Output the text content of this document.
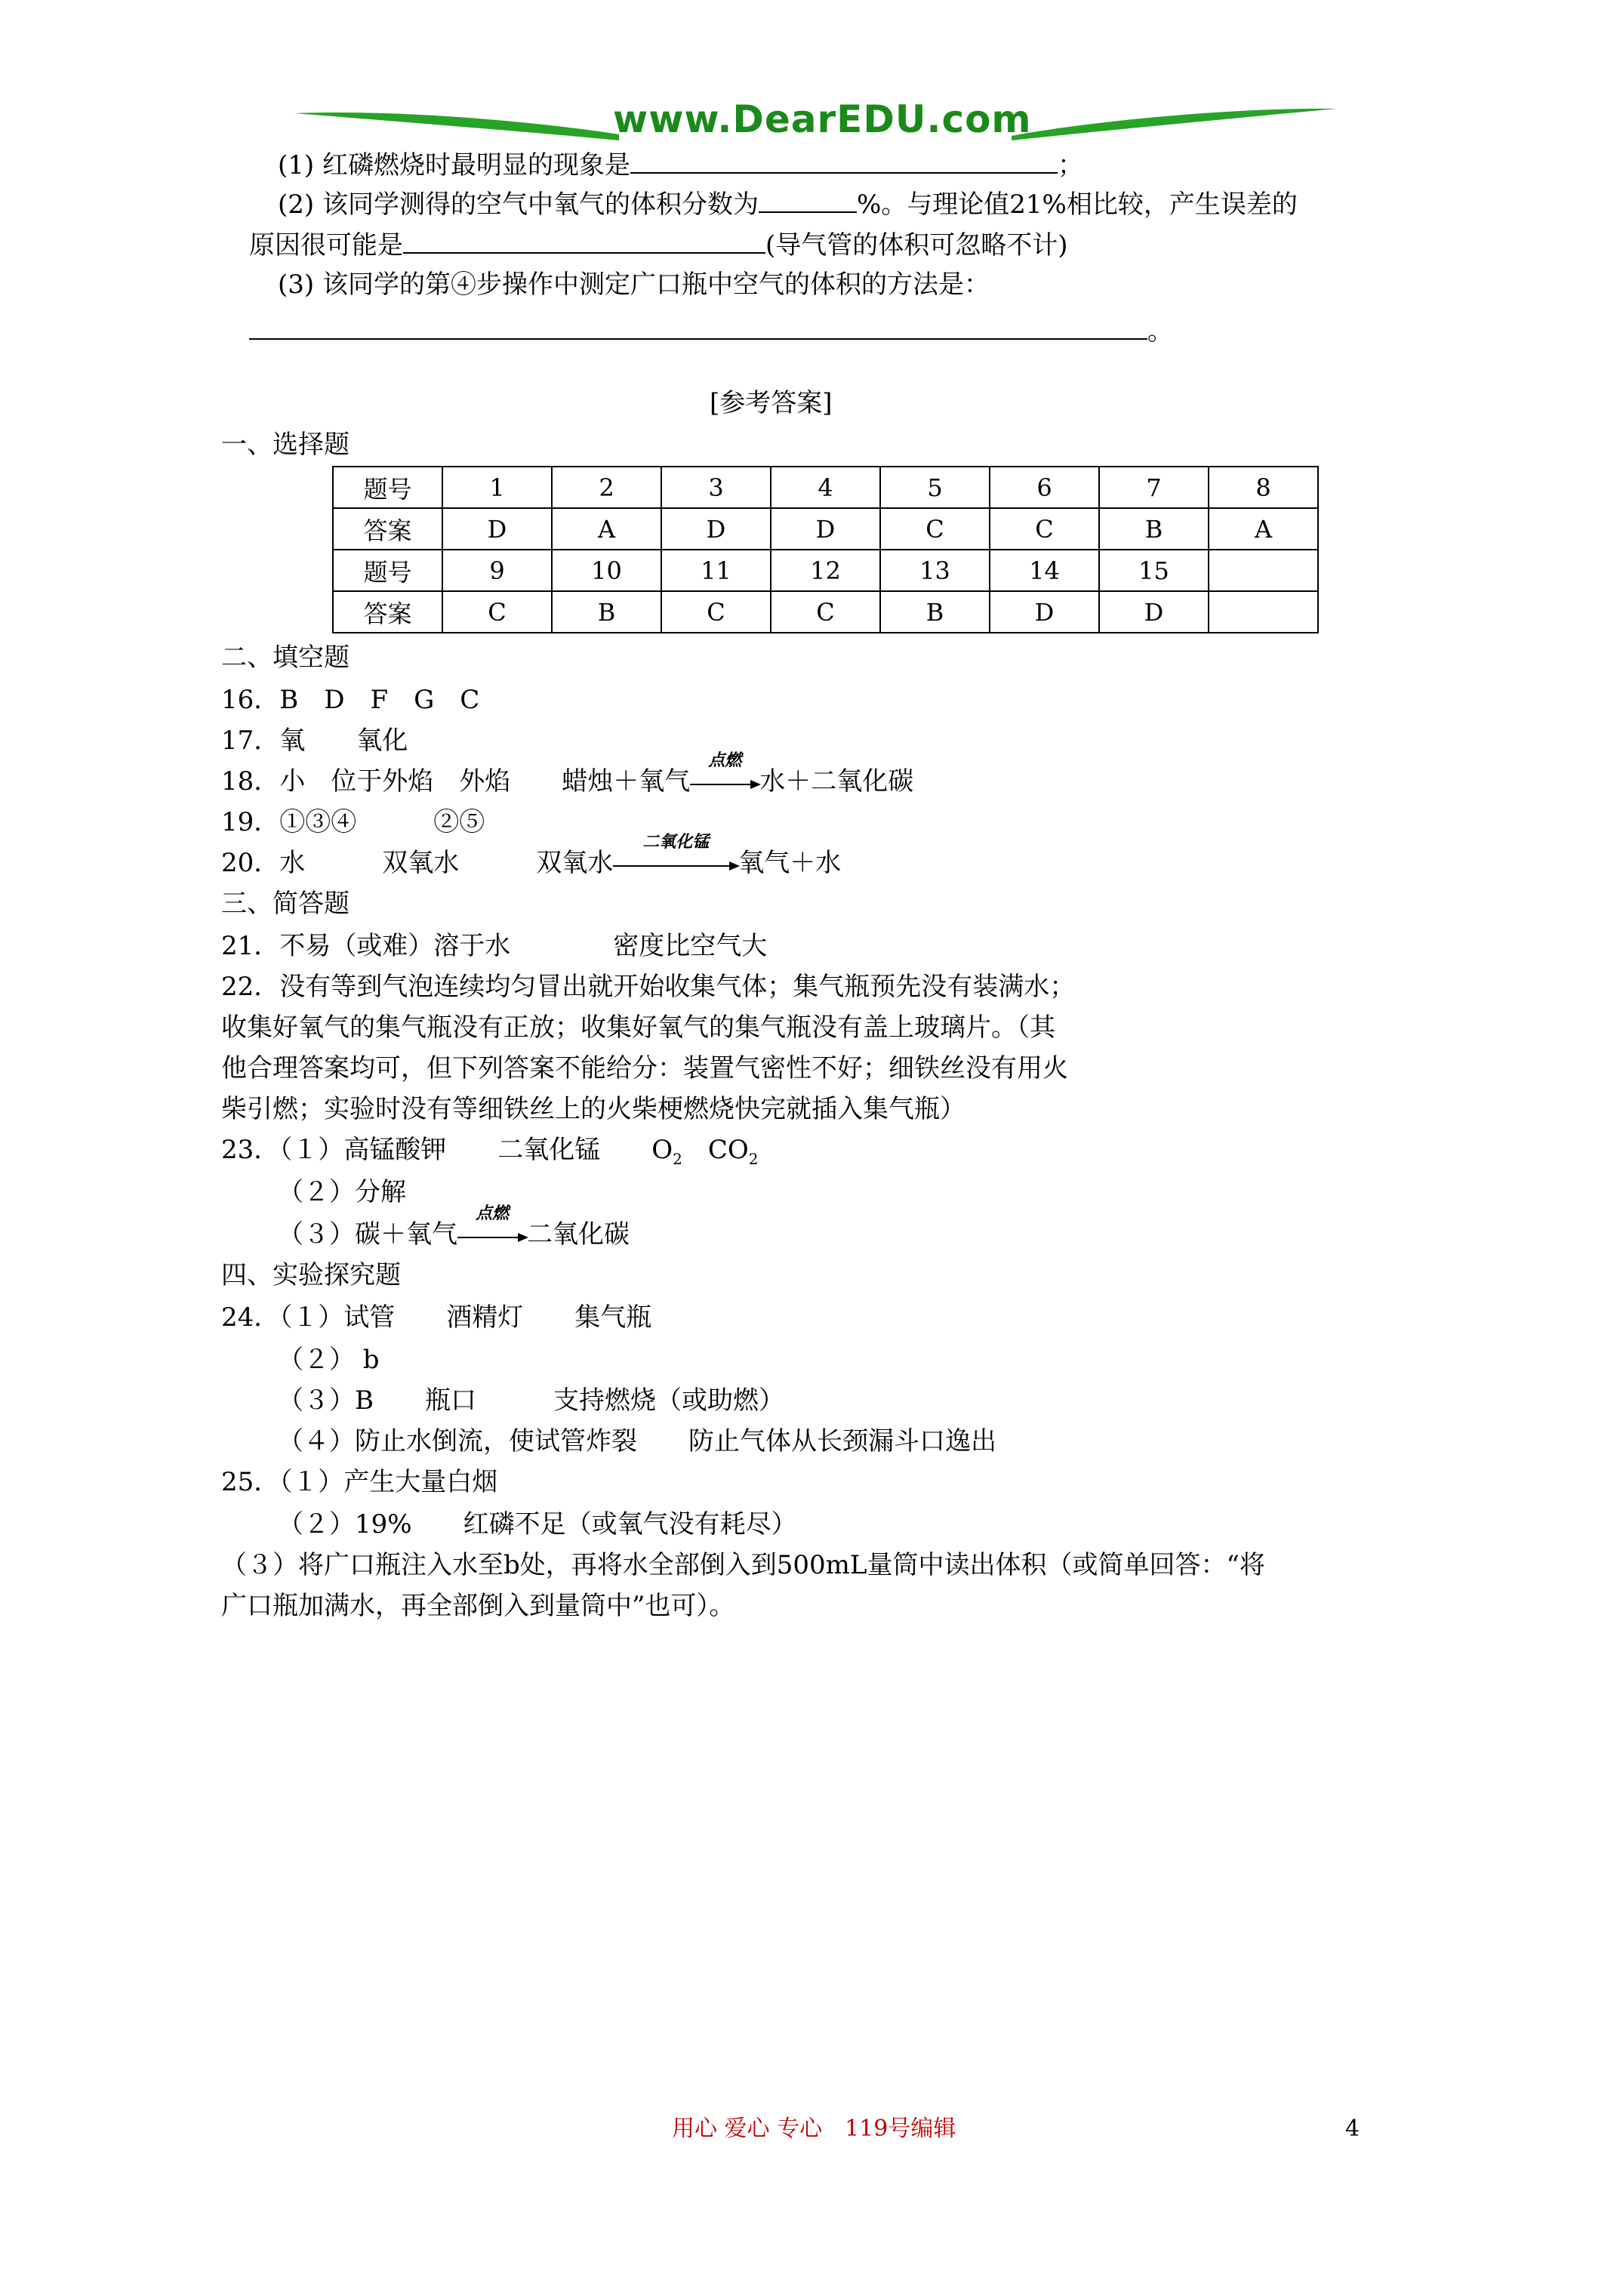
www.DearEDU.com
(1) 红磷燃烧时最明显的现象是	；
(2) 该同学测得的空气中氧气的体积分数为	%。与理论值21%相比较，产生误差的
原因很可能是	(导气管的体积可忽略不计)
(3) 该同学的第④步操作中测定广口瓶中空气的体积的方法是：
。
[参考答案]
一、选择题
题号	1	2	3	4	5	6	7	8
答案	D	A	D	D	C	C	B	A
题号	9	10	11	12	13	14	15	
答案	C	B	C	C	B	D	D	
二、填空题
16．B　D　F　G　C
17．氧　　氧化
18．小　位于外焰　外焰　　蜡烛＋氧气
点燃
水＋二氧化碳
19．①③④　　　②⑤
20．水　　　双氧水　　　双氧水
二氧化锰
氧气＋水
三、简答题
21．不易（或难）溶于水　　　　密度比空气大
22．没有等到气泡连续均匀冒出就开始收集气体；集气瓶预先没有装满水；
收集好氧气的集气瓶没有正放；收集好氧气的集气瓶没有盖上玻璃片。（其
他合理答案均可，但下列答案不能给分：装置气密性不好；细铁丝没有用火
柴引燃；实验时没有等细铁丝上的火柴梗燃烧快完就插入集气瓶）
23．（１）高锰酸钾　　二氧化锰　　$O_2$　$CO_2$
（２）分解
（３）碳＋氧气
点燃
二氧化碳
四、实验探究题
24．（１）试管　　酒精灯　　集气瓶
（２） b
（３）B　　瓶口　　　支持燃烧（或助燃）
（４）防止水倒流，使试管炸裂　　防止气体从长颈漏斗口逸出
25．（１）产生大量白烟
（２）19%　　红磷不足（或氧气没有耗尽）
（３）将广口瓶注入水至b处，再将水全部倒入到500mL量筒中读出体积（或简单回答：“将
广口瓶加满水，再全部倒入到量筒中”也可）。
用心 爱心 专心　119号编辑	4
